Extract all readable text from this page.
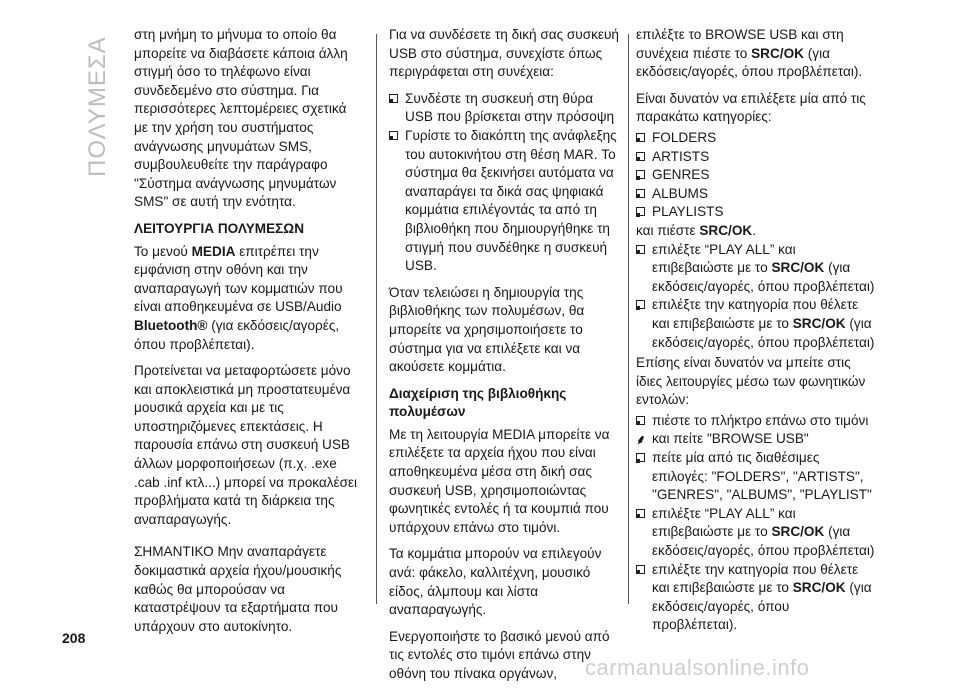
ΠΟΛΥΜΕΣΑ

στη μνήμη το μήνυμα το οποίο θα μπορείτε να διαβάσετε κάποια άλλη στιγμή όσο το τηλέφωνο είναι συνδεδεμένο στο σύστημα. Για περισσότερες λεπτομέρειες σχετικά με την χρήση του συστήματος ανάγνωσης μηνυμάτων SMS, συμβουλευθείτε την παράγραφο "Σύστημα ανάγνωσης μηνυμάτων SMS" σε αυτή την ενότητα.

ΛΕΙΤΟΥΡΓΙΑ ΠΟΛΥΜΕΣΩΝ

Το μενού MEDIA επιτρέπει την εμφάνιση στην οθόνη και την αναπαραγωγή των κομματιών που είναι αποθηκευμένα σε USB/Audio Bluetooth® (για εκδόσεις/αγορές, όπου προβλέπεται).

Προτείνεται να μεταφορτώσετε μόνο και αποκλειστικά μη προστατευμένα μουσικά αρχεία και με τις υποστηριζόμενες επεκτάσεις. Η παρουσία επάνω στη συσκευή USB άλλων μορφοποιήσεων (π.χ. .exe .cab .inf κτλ...) μπορεί να προκαλέσει προβλήματα κατά τη διάρκεια της αναπαραγωγής.

ΣΗΜΑΝΤΙΚΟ Μην αναπαράγετε δοκιμαστικά αρχεία ήχου/μουσικής καθώς θα μπορούσαν να καταστρέψουν τα εξαρτήματα που υπάρχουν στο αυτοκίνητο.

Για να συνδέσετε τη δική σας συσκευή USB στο σύστημα, συνεχίστε όπως περιγράφεται στη συνέχεια:

Συνδέστε τη συσκευή στη θύρα USB που βρίσκεται στην πρόσοψη
Γυρίστε το διακόπτη της ανάφλεξης του αυτοκινήτου στη θέση MAR. Το σύστημα θα ξεκινήσει αυτόματα να αναπαράγει τα δικά σας ψηφιακά κομμάτια επιλέγοντάς τα από τη βιβλιοθήκη που δημιουργήθηκε τη στιγμή που συνδέθηκε η συσκευή USB.

Όταν τελειώσει η δημιουργία της βιβλιοθήκης των πολυμέσων, θα μπορείτε να χρησιμοποιήσετε το σύστημα για να επιλέξετε και να ακούσετε κομμάτια.

Διαχείριση της βιβλιοθήκης πολυμέσων

Με τη λειτουργία MEDIA μπορείτε να επιλέξετε τα αρχεία ήχου που είναι αποθηκευμένα μέσα στη δική σας συσκευή USB, χρησιμοποιώντας φωνητικές εντολές ή τα κουμπιά που υπάρχουν επάνω στο τιμόνι.

Τα κομμάτια μπορούν να επιλεγούν ανά: φάκελο, καλλιτέχνη, μουσικό είδος, άλμπουμ και λίστα αναπαραγωγής.

Ενεργοποιήστε το βασικό μενού από τις εντολές στο τιμόνι επάνω στην οθόνη του πίνακα οργάνων,

επιλέξτε το BROWSE USB και στη συνέχεια πιέστε το SRC/OK (για εκδόσεις/αγορές, όπου προβλέπεται).

Είναι δυνατόν να επιλέξετε μία από τις παρακάτω κατηγορίες:

FOLDERS
ARTISTS
GENRES
ALBUMS
PLAYLISTS
και πιέστε SRC/OK.
επιλέξτε “PLAY ALL” και επιβεβαιώστε με το SRC/OK (για εκδόσεις/αγορές, όπου προβλέπεται)
επιλέξτε την κατηγορία που θέλετε και επιβεβαιώστε με το SRC/OK (για εκδόσεις/αγορές, όπου προβλέπεται)
Επίσης είναι δυνατόν να μπείτε στις ίδιες λειτουργίες μέσω των φωνητικών εντολών:
πιέστε το πλήκτρο επάνω στο τιμόνι
⸙ και πείτε "BROWSE USB"
πείτε μία από τις διαθέσιμες επιλογές: "FOLDERS", "ARTISTS", "GENRES", "ALBUMS", "PLAYLIST"
επιλέξτε “PLAY ALL” και επιβεβαιώστε με το SRC/OK (για εκδόσεις/αγορές, όπου προβλέπεται)
επιλέξτε την κατηγορία που θέλετε και επιβεβαιώστε με το SRC/OK (για εκδόσεις/αγορές, όπου προβλέπεται).
208
carmanualsonline.info
